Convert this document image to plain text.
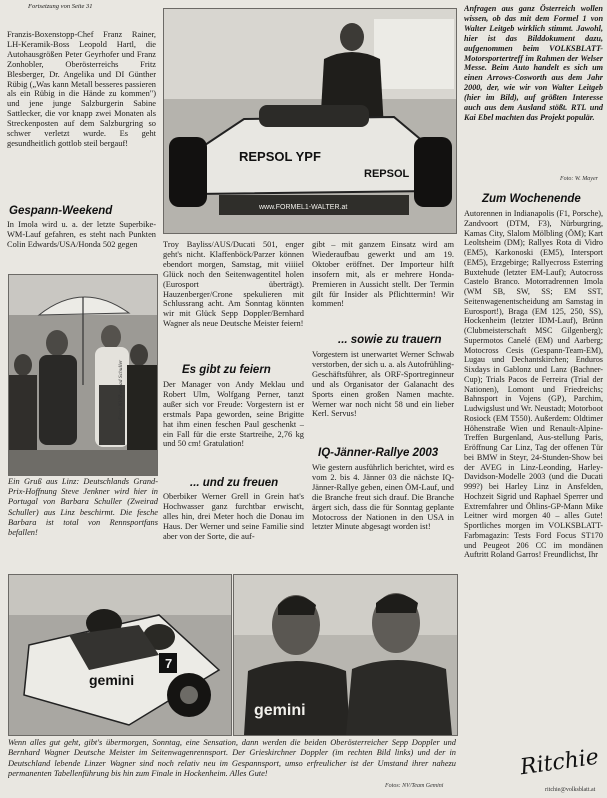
Fortsetzung von Seite 31
Franzis-Boxenstopp-Chef Franz Rainer, LH-Keramik-Boss Leopold Hartl, die Autohausgrößen Peter Geyrhofer und Franz Zonhobler, Oberösterreichs Fritz Blesberger, Dr. Angelika und DI Günther Rübig („Was kann Metall besseres passieren als ein Rübig in die Hände zu kommen") und jene junge Salzburgerin Sabine Sattlecker, die vor knapp zwei Monaten als Streckenposten auf dem Salzburgring so schwer verletzt wurde. Es geht gesundheitlich gottlob steil bergauf!
Gespann-Weekend
In Imola wird u. a. der letzte Superbike-WM-Lauf gefahren, es steht nach Punkten Colin Edwards/USA/Honda 502 gegen
Foto: NV/Zweirad Schuller
Ein Gruß aus Linz: Deutschlands Grand-Prix-Hoffnung Steve Jenkner wird hier in Portugal von Barbara Schuller (Zweirad Schuller) aus Linz beschirmt. Die fesche Barbara ist total von Rennsportfans befallen!
REPSOL YPF
REPSOL
www.FORMEL1-WALTER.at
Troy Bayliss/AUS/Ducati 501, enger geht's nicht. Klaffenböck/Parzer können ebendort morgen, Samstag, mit viiiiel Glück noch den Seitenwagentitel holen (Eurosport überträgt). Hauzenberger/Crone spekulieren mit Schlussrang acht. Am Sonntag könnten wir mit Glück Sepp Doppler/Bernhard Wagner als neue Deutsche Meister feiern!
Es gibt zu feiern
Der Manager von Andy Meklau und Robert Ulm, Wolfgang Perner, tanzt außer sich vor Freude: Vorgestern ist er erstmals Papa geworden, seine Brigitte hat ihm einen feschen Paul geschenkt – ein Fall für die erste Startreihe, 2,76 kg und 50 cm! Gratulation!
... und zu freuen
Oberbiker Werner Grell in Grein hat's Hochwasser ganz furchtbar erwischt, alles hin, drei Meter hoch die Donau im Haus. Der Werner und seine Familie sind aber von der Sorte, die auf-
gibt – mit ganzem Einsatz wird am Wiederaufbau gewerkt und am 19. Oktober eröffnet. Der Importeur hilft insofern mit, als er mehrere Honda-Premieren in Aussicht stellt. Der Termin gilt für Insider als Pflichttermin! Wir kommen!
... sowie zu trauern
Vorgestern ist unerwartet Werner Schwab verstorben, der sich u. a. als Autofrühling-Geschäftsführer, als ORF-Sportreginneur und als Organisator der Galanacht des Sports einen großen Namen machte. Werner war noch nicht 58 und ein lieber Kerl. Servus!
IQ-Jänner-Rallye 2003
Wie gestern ausführlich berichtet, wird es vom 2. bis 4. Jänner 03 die nächste IQ-Jänner-Rallye geben, einen ÖM-Lauf, und die Branche freut sich drauf. Die Branche ärgert sich, dass die für Sonntag geplante Motocross der Nationen in den USA in letzter Minute abgesagt worden ist!
Anfragen aus ganz Österreich wollen wissen, ob das mit dem Formel 1 von Walter Leitgeb wirklich stimmt. Jawohl, hier ist das Bilddokument dazu, aufgenommen beim VOLKSBLATT-Motorsportertreff im Rahmen der Welser Messe. Beim Auto handelt es sich um einen Arrows-Cosworth aus dem Jahr 2000, der, wie wir von Walter Leitgeb (hier im Bild), auf größten Interesse auch aus dem Ausland stößt. RTL und Kai Ebel machten das Projekt populär.
Foto: W. Mayer
Zum Wochenende
Autorennen in Indianapolis (F1, Porsche), Zandvoort (DTM, F3), Nürburgring, Kamas City, Slalom Mölbling (ÖM); Kart Leoltsheim (DM); Rallyes Rota di Vidro (EM5), Karkonoski (EM5), Intersport (EM5), Erzgebirge; Rallyecross Esterring Buxtehude (letzter EM-Lauf); Autocross Castelo Branco. Motorradrennen Imola (WM SB, SW, SS; EM SST, Seitenwagenentscheidung am Samstag in Eurosport!), Braga (EM 125, 250, SS), Hockenheim (letzter IDM-Lauf), Brünn (Clubmeisterschaft MSC Gilgenberg); Supermotos Canelé (EM) und Aarberg; Motocross Cesis (Gespann-Team-EM), Lugau und Dechantskirchen; Enduros Sixdays in Gablonz und Lanz (Bachner-Cup); Trials Pacos de Ferreira (Trial der Nationen), Lomont und Friedreichs; Bahnsport in Vojens (GP), Parchim, Ludwigslust und Wr. Neustadt; Motorboot Rosiock (EM T550). Außerdem: Oldtimer Höhenstraße Wien und Renault-Alpine-Treffen Burgenland, Aus-stellung Paris, Eröffnung Car Linz, Tag der offenen Tür bei BMW in Steyr, 24-Stunden-Show bei der AVEG in Linz-Leonding, Harley-Davidson-Modelle 2003 (und die Ducati 999?) bei Harley Linz in Ansfelden, Hochzeit Sigrid und Raphael Sperrer und Extremfahrer und Öhlins-GP-Mann Mike Leitner wird morgen 40 – alles Gute! Sportliches morgen im VOLKSBLATT-Farbmagazin: Tests Ford Focus ST170 und Peugeot 206 CC im mondänen Auftritt Roland Garros! Freundlichst, Ihr
7
gemini
gemini
Wenn alles gut geht, gibt's übermorgen, Sonntag, eine Sensation, dann werden die beiden Oberösterreicher Sepp Doppler und Bernhard Wagner Deutsche Meister im Seitenwagenrennsport. Der Grieskirchner Doppler (im rechten Bild links) und der in Deutschland lebende Linzer Wagner sind noch relativ neu im Gespannsport, umso erfreulicher ist der Umstand ihrer nahezu permanenten Tabellenführung bis hin zum Finale in Hockenheim. Alles Gute!
Fotos: NV/Team Gemini
Ritchie
ritchie@volksblatt.at
